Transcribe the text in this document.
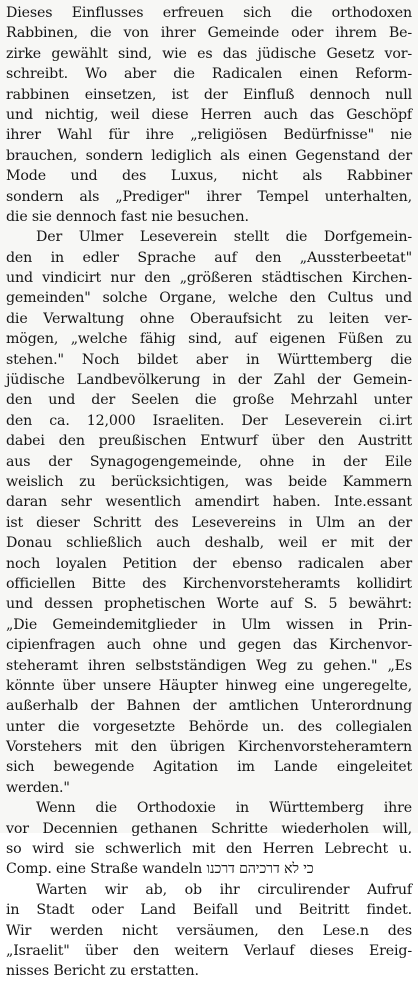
Dieses Einflusses erfreuen sich die orthodoxen
Rabbinen, die von ihrer Gemeinde oder ihrem Be-
zirke gewählt sind, wie es das jüdische Gesetz vor-
schreibt. Wo aber die Radicalen einen Reform-
rabbinen einsetzen, ist der Einfluß dennoch null
und nichtig, weil diese Herren auch das Geschöpf
ihrer Wahl für ihre „religiösen Bedürfnisse" nie
brauchen, sondern lediglich als einen Gegenstand der
Mode und des Luxus, nicht als Rabbiner
sondern als „Prediger" ihrer Tempel unterhalten,
die sie dennoch fast nie besuchen.
Der Ulmer Leseverein stellt die Dorfgemein-
den in edler Sprache auf den „Aussterbeetat"
und vindicirt nur den „größeren städtischen Kirchen-
gemeinden" solche Organe, welche den Cultus und
die Verwaltung ohne Oberaufsicht zu leiten ver-
mögen, „welche fähig sind, auf eigenen Füßen zu
stehen." Noch bildet aber in Württemberg die
jüdische Landbevölkerung in der Zahl der Gemein-
den und der Seelen die große Mehrzahl unter
den ca. 12,000 Israeliten. Der Leseverein ci.irt
dabei den preußischen Entwurf über den Austritt
aus der Synagogengemeinde, ohne in der Eile
weislich zu berücksichtigen, was beide Kammern
daran sehr wesentlich amendirt haben. Inte.essant
ist dieser Schritt des Lesevereins in Ulm an der
Donau schließlich auch deshalb, weil er mit der
noch loyalen Petition der ebenso radicalen aber
officiellen Bitte des Kirchenvorsteheramts kollidirt
und dessen prophetischen Worte auf S. 5 bewährt:
„Die Gemeindemitglieder in Ulm wissen in Prin-
cipienfragen auch ohne und gegen das Kirchenvor-
steheramt ihren selbstständigen Weg zu gehen." „Es
könnte über unsere Häupter hinweg eine ungeregelte,
außerhalb der Bahnen der amtlichen Unterordnung
unter die vorgesetzte Behörde un. des collegialen
Vorstehers mit den übrigen Kirchenvorsteheramtern
sich bewegende Agitation im Lande eingeleitet
werden."
Wenn die Orthodoxie in Württemberg ihre
vor Decennien gethanen Schritte wiederholen will,
so wird sie schwerlich mit den Herren Lebrecht u.
Comp. eine Straße wandeln כי לא דרכיהם דרכנו
Warten wir ab, ob ihr circulirender Aufruf
in Stadt oder Land Beifall und Beitritt findet.
Wir werden nicht versäumen, den Lese.n des
„Israelit" über den weitern Verlauf dieses Ereig-
nisses Bericht zu erstatten.
